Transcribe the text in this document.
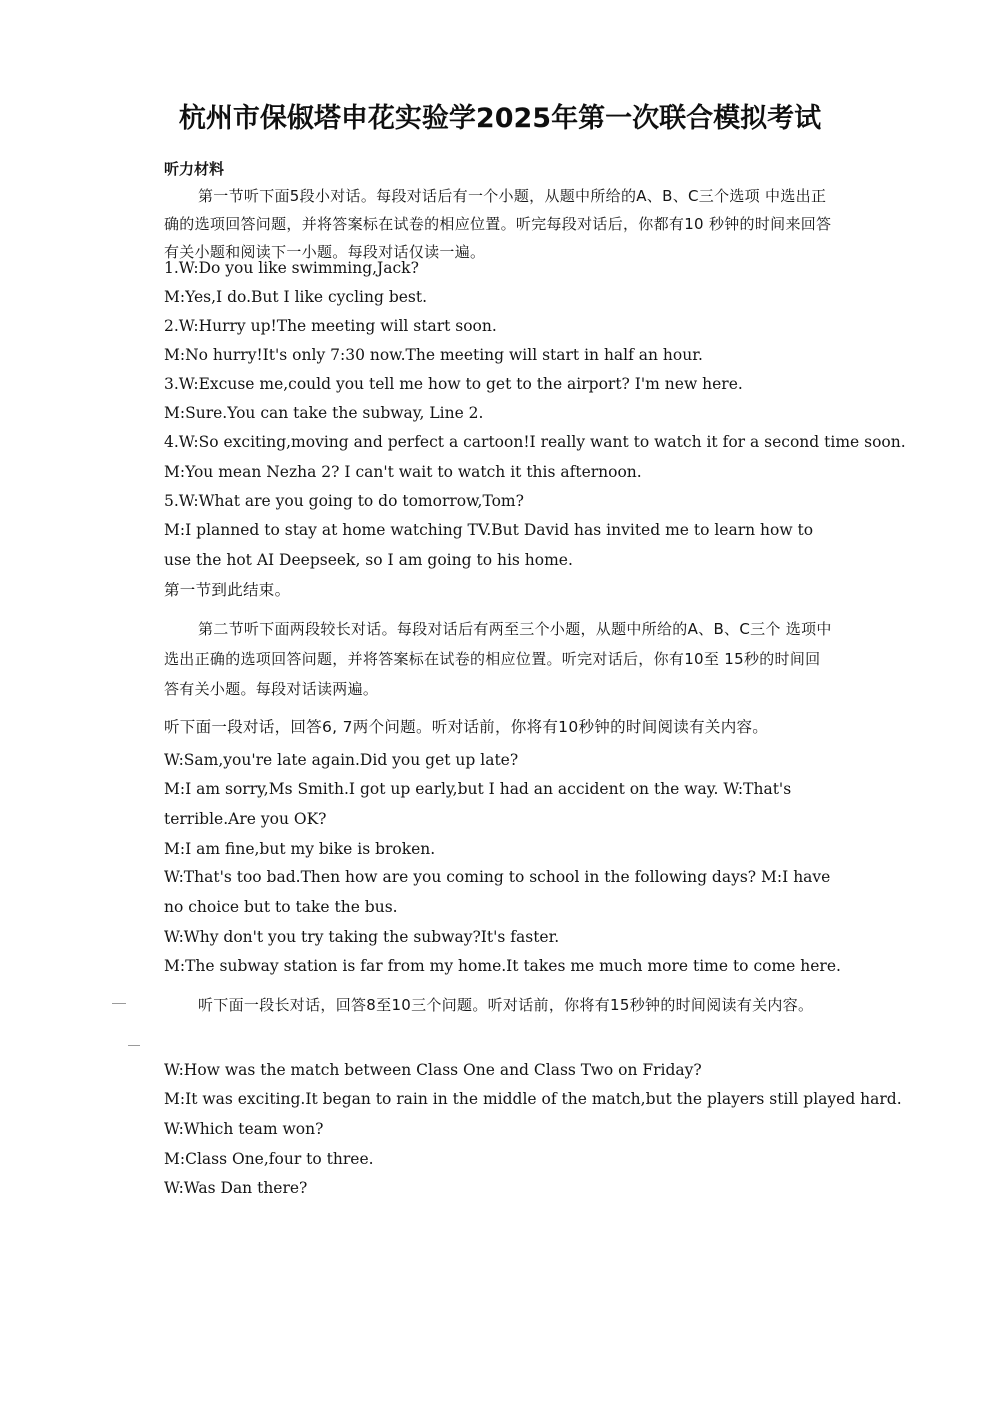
杭州市保俶塔申花实验学2025年第一次联合模拟考试
听力材料
第一节听下面5段小对话。每段对话后有一个小题，从题中所给的A、B、C三个选项 中选出正确的选项回答问题，并将答案标在试卷的相应位置。听完每段对话后，你都有10 秒钟的时间来回答有关小题和阅读下一小题。每段对话仅读一遍。
1.W:Do you like swimming,Jack?
M:Yes,I do.But I like cycling best.
2.W:Hurry up!The meeting will start soon.
M:No hurry!It's only 7:30 now.The meeting will start in half an hour.
3.W:Excuse me,could you tell me how to get to the airport? I'm new here.
M:Sure.You can take the subway, Line 2.
4.W:So exciting,moving and perfect a cartoon!I really want to watch it for a second time soon.
M:You mean Nezha 2? I can't wait to watch it this afternoon.
5.W:What are you going to do tomorrow,Tom?
M:I planned to stay at home watching TV.But David has invited me to learn how to use the hot AI Deepseek, so I am going to his home.
第一节到此结束。
第二节听下面两段较长对话。每段对话后有两至三个小题，从题中所给的A、B、C三个 选项中选出正确的选项回答问题，并将答案标在试卷的相应位置。听完对话后，你有10至 15秒的时间回答有关小题。每段对话读两遍。
听下面一段对话，回答6, 7两个问题。听对话前，你将有10秒钟的时间阅读有关内容。
W:Sam,you're late again.Did you get up late?
M:I am sorry,Ms Smith.I got up early,but I had an accident on the way. W:That's terrible.Are you OK?
M:I am fine,but my bike is broken.
W:That's too bad.Then how are you coming to school in the following days? M:I have no choice but to take the bus.
W:Why don't you try taking the subway?It's faster.
M:The subway station is far from my home.It takes me much more time to come here.
听下面一段长对话，回答8至10三个问题。听对话前，你将有15秒钟的时间阅读有关内容。
W:How was the match between Class One and Class Two on Friday?
M:It was exciting.It began to rain in the middle of the match,but the players still played hard.
W:Which team won?
M:Class One,four to three.
W:Was Dan there?
